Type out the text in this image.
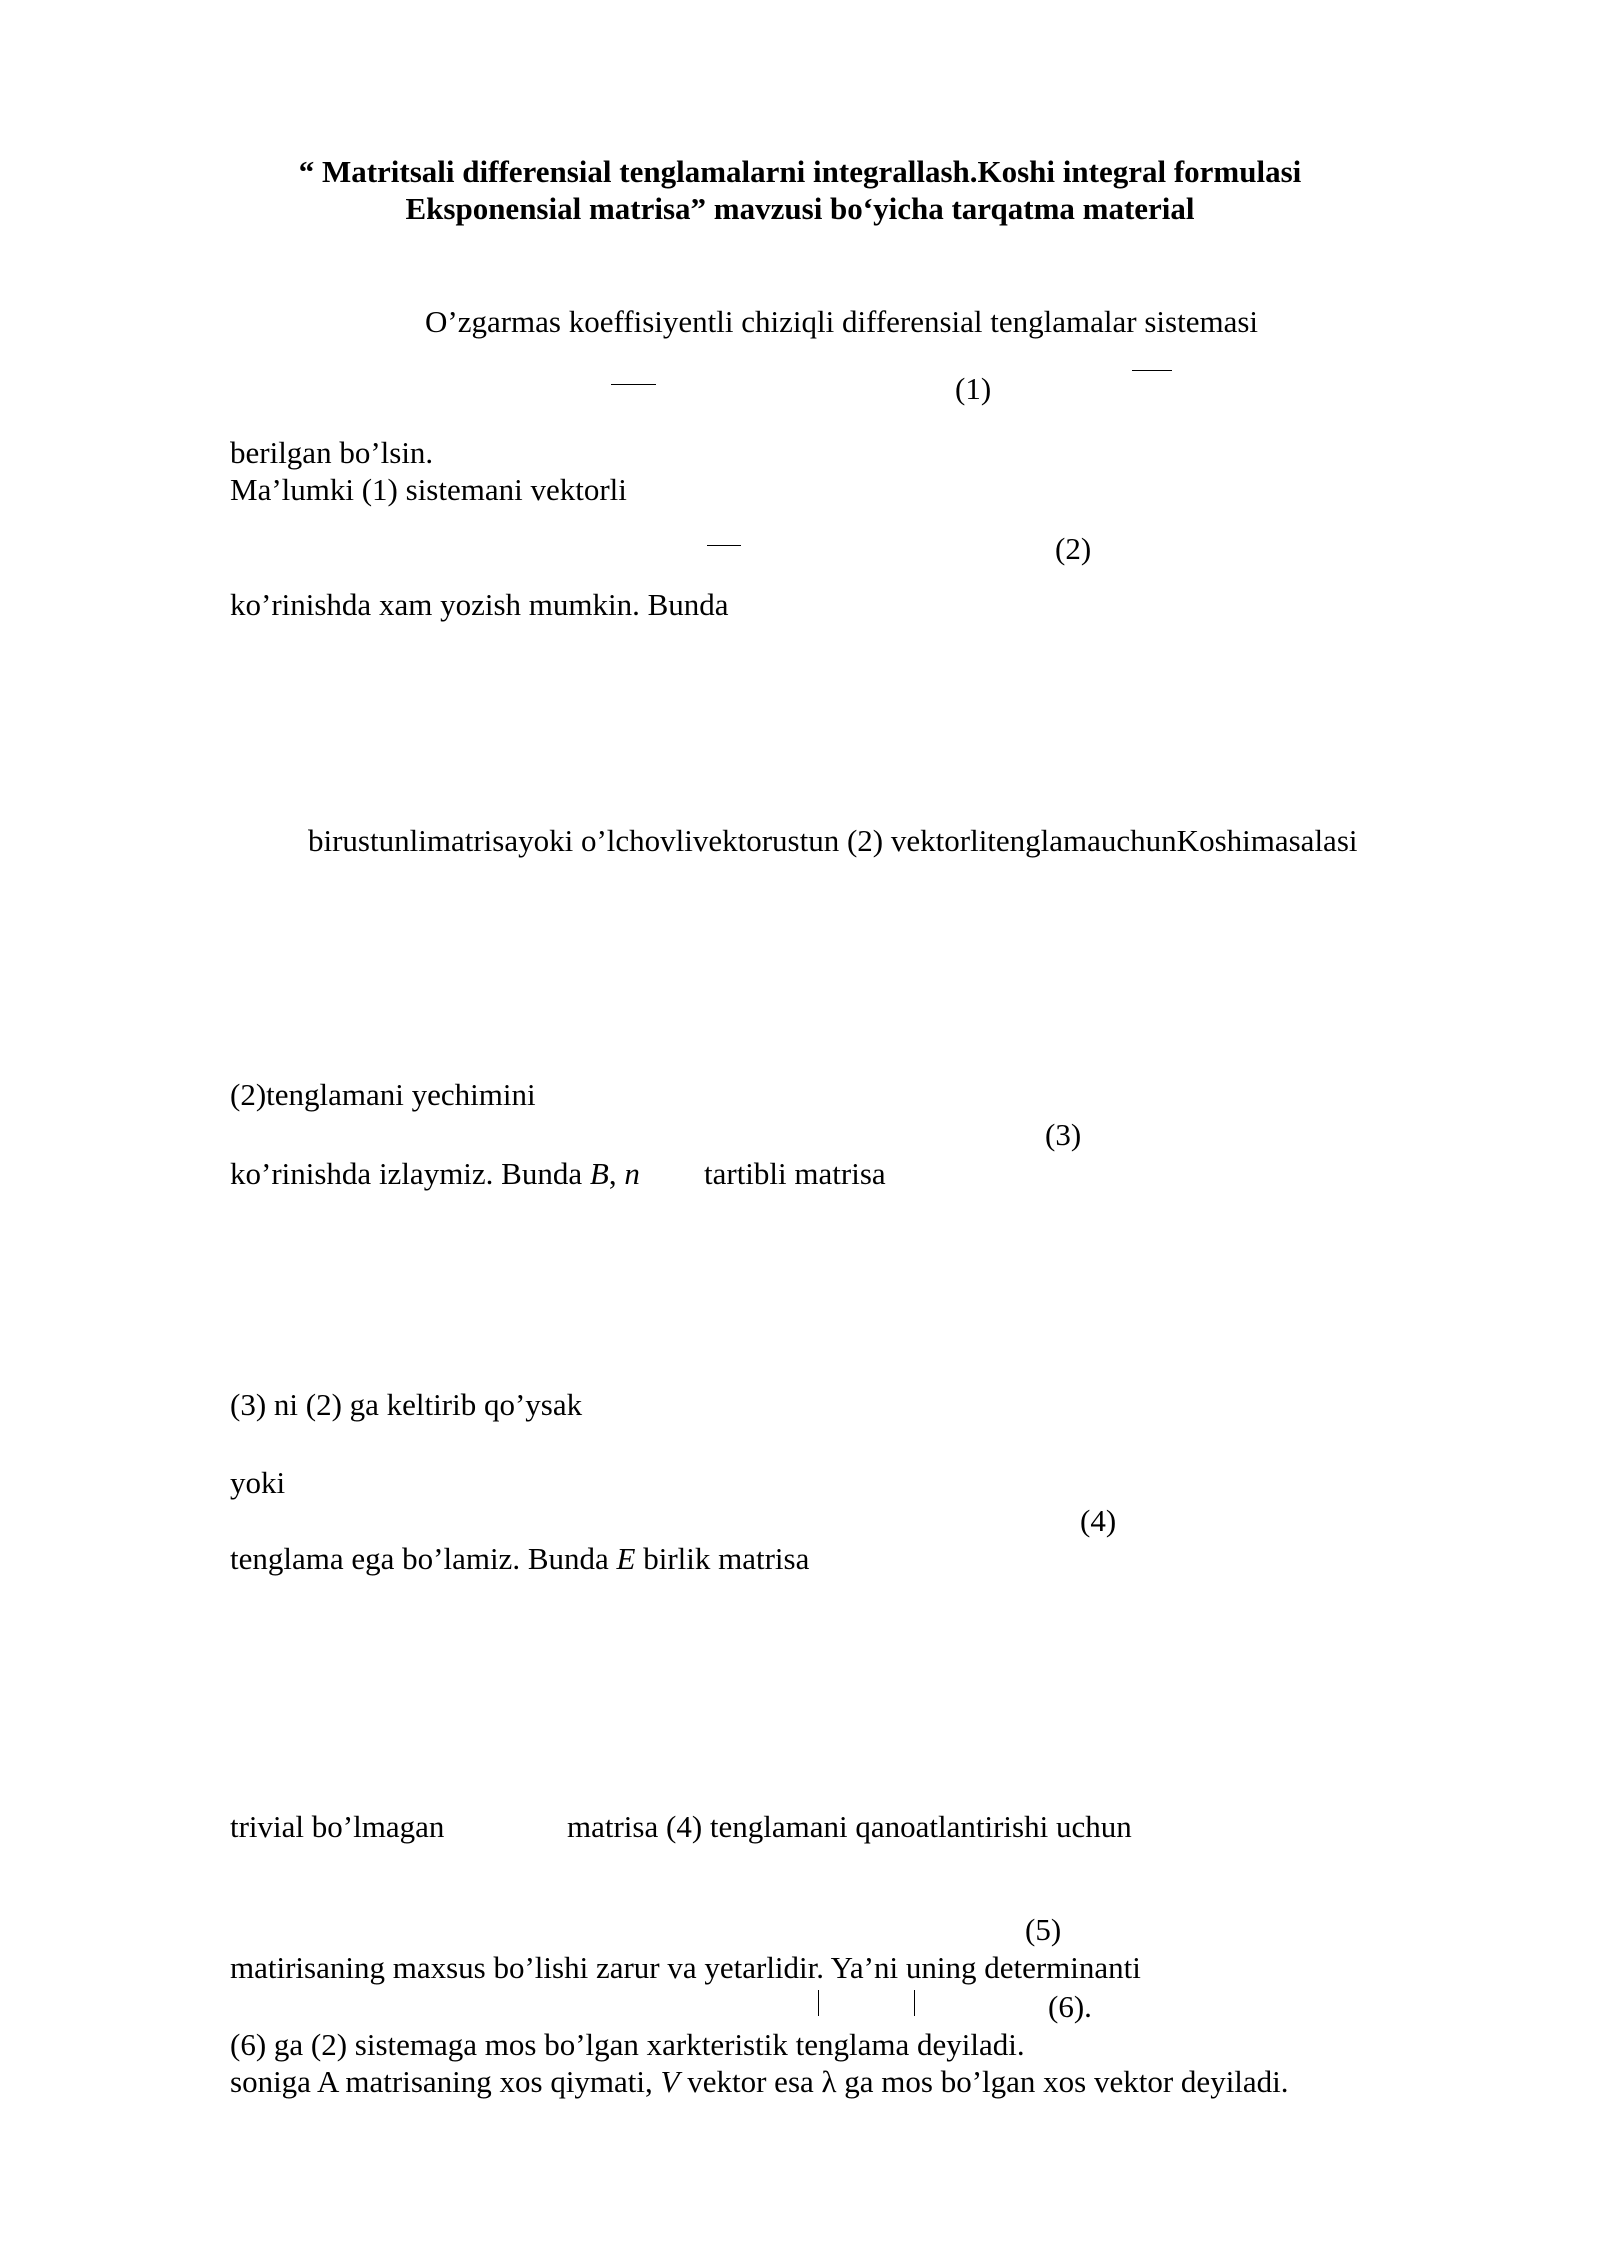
“ Matritsali differensial tenglamalarni integrallash.Koshi integral formulasi
Eksponensial matrisa” mavzusi bo‘yicha tarqatma material
O’zgarmas koeffisiyentli chiziqli differensial tenglamalar sistemasi
(1)
berilgan bo’lsin.
Ma’lumki (1) sistemani vektorli
(2)
ko’rinishda xam yozish mumkin. Bunda
birustunlimatrisayoki o’lchovlivektorustun (2) vektorlitenglamauchunKoshimasalasi
(2)tenglamani yechimini
(3)
ko’rinishda izlaymiz. Bunda B, n tartibli matrisa
(3) ni (2) ga keltirib qo’ysak
yoki
(4)
tenglama ega bo’lamiz. Bunda E birlik matrisa
trivial bo’lmagan	matrisa (4) tenglamani qanoatlantirishi uchun
(5)
matirisaning maxsus bo’lishi zarur va yetarlidir. Ya’ni uning determinanti
(6).
(6) ga (2) sistemaga mos bo’lgan xarkteristik tenglama deyiladi.
soniga A matrisaning xos qiymati, V vektor esa λ ga mos bo’lgan xos vektor deyiladi.
